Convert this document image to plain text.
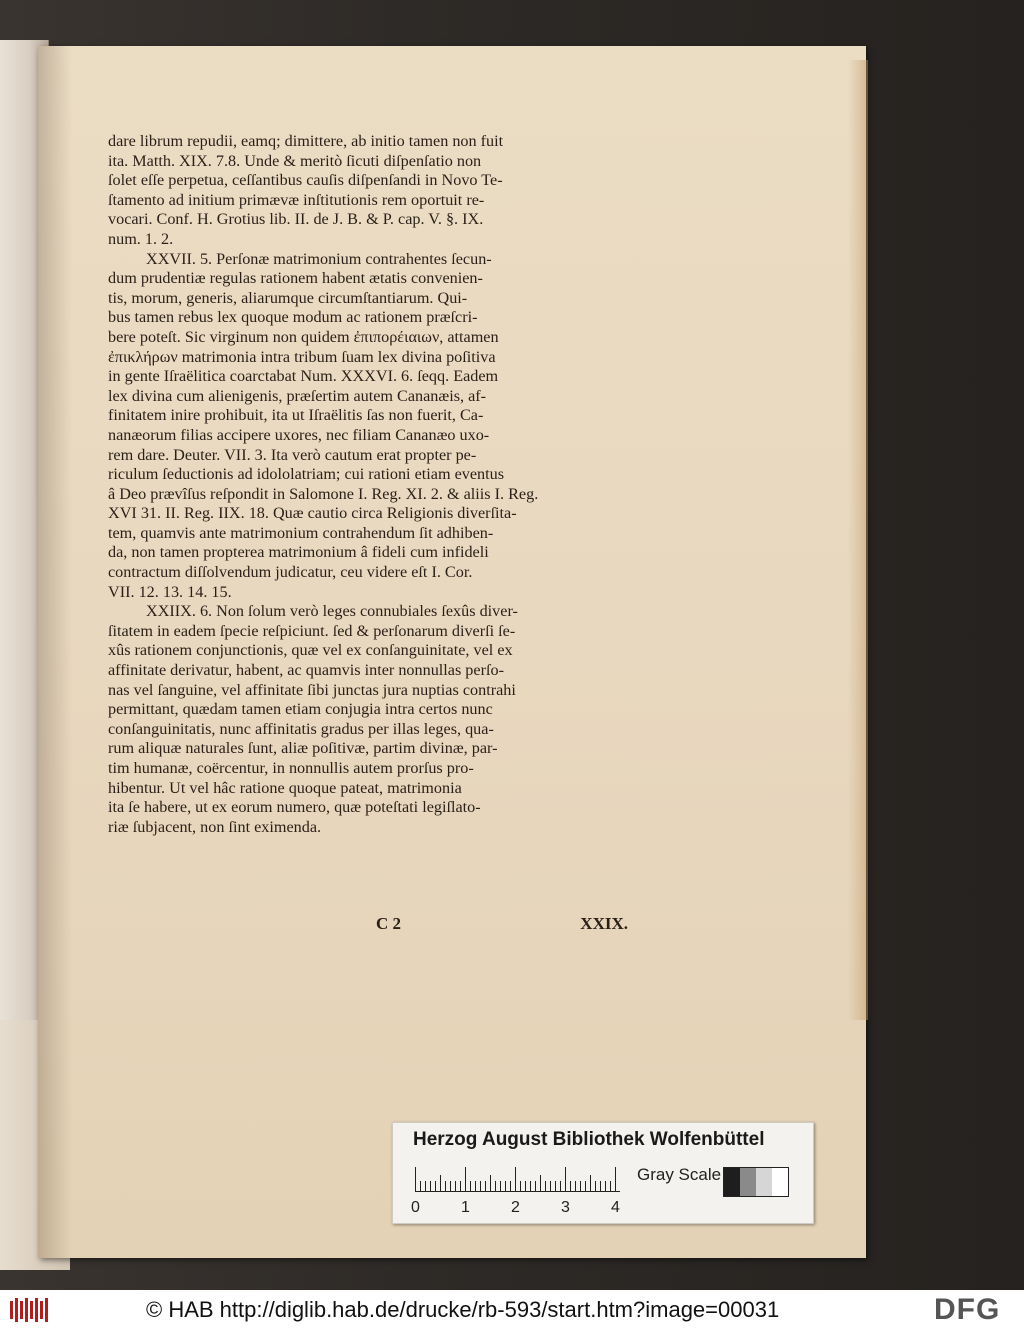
dare librum repudii, eamq; dimittere, ab initio tamen non fuit
ita. Matth. XIX. 7.8. Unde & meritò ſicuti diſpenſatio non
ſolet eſſe perpetua, ceſſantibus cauſis diſpenſandi in Novo Te-
ſtamento ad initium primævæ inſtitutionis rem oportuit re-
vocari. Conf. H. Grotius lib. II. de J. B. & P. cap. V. §. IX.
num. 1. 2.

XXVII. 5. Perſonæ matrimonium contrahentes ſecun-
dum prudentiæ regulas rationem habent ætatis convenien-
tis, morum, generis, aliarumque circumſtantiarum. Qui-
bus tamen rebus lex quoque modum ac rationem præſcri-
bere poteſt. Sic virginum non quidem ἐπιπορέιαιων, attamen
ἐπικλήρων matrimonia intra tribum ſuam lex divina poſitiva
in gente Iſraëlitica coarctabat Num. XXXVI. 6. ſeqq. Eadem
lex divina cum alienigenis, præſertim autem Cananæis, af-
finitatem inire prohibuit, ita ut Iſraëlitis ſas non fuerit, Ca-
nanæorum filias accipere uxores, nec filiam Cananæo uxo-
rem dare. Deuter. VII. 3. Ita verò cautum erat propter pe-
riculum ſeductionis ad idololatriam; cui rationi etiam eventus
â Deo prævîſus reſpondit in Salomone I. Reg. XI. 2. & aliis I. Reg.
XVI 31. II. Reg. IIX. 18. Quæ cautio circa Religionis diverſita-
tem, quamvis ante matrimonium contrahendum ſit adhiben-
da, non tamen propterea matrimonium â fideli cum infideli
contractum diſſolvendum judicatur, ceu videre eſt I. Cor.
VII. 12. 13. 14. 15.

XXIIX. 6. Non ſolum verò leges connubiales ſexûs diver-
ſitatem in eadem ſpecie reſpiciunt. ſed & perſonarum diverſi ſe-
xûs rationem conjunctionis, quæ vel ex conſanguinitate, vel ex
affinitate derivatur, habent, ac quamvis inter nonnullas perſo-
nas vel ſanguine, vel affinitate ſibi junctas jura nuptias contrahi
permittant, quædam tamen etiam conjugia intra certos nunc
conſanguinitatis, nunc affinitatis gradus per illas leges, qua-
rum aliquæ naturales ſunt, aliæ poſitivæ, partim divinæ, par-
tim humanæ, coërcentur, in nonnullis autem prorſus pro-
hibentur. Ut vel hâc ratione quoque pateat, matrimonia
ita ſe habere, ut ex eorum numero, quæ poteſtati legiſlato-
riæ ſubjacent, non ſint eximenda.

C 2	XXIX.
Herzog August Bibliothek Wolfenbüttel
0	1	2	3	4
Gray Scale
© HAB http://diglib.hab.de/drucke/rb-593/start.htm?image=00031	DFG
